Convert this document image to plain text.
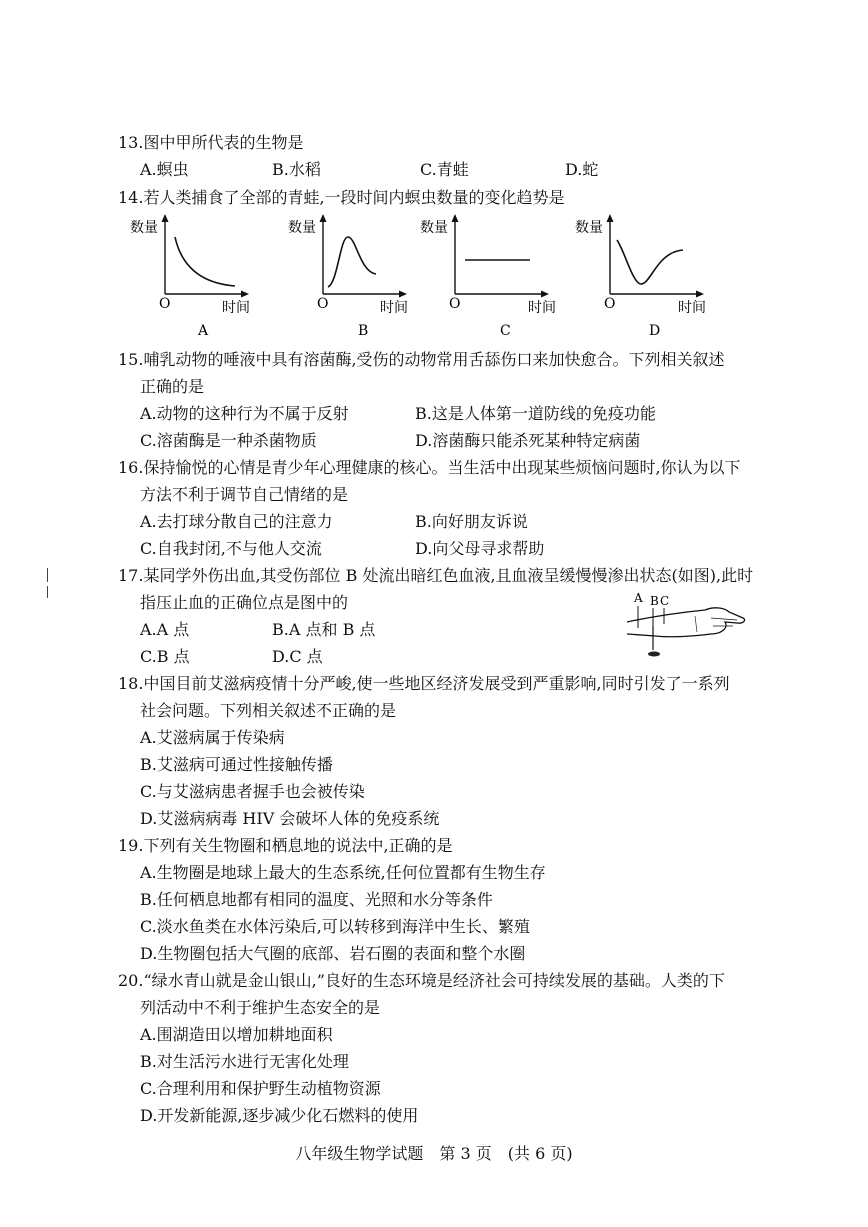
13.图中甲所代表的生物是
A.螟虫	B.水稻	C.青蛙	D.蛇
14.若人类捕食了全部的青蛙,一段时间内螟虫数量的变化趋势是
数量
O	时间
A
数量
O	时间
B
数量
O	时间
C
数量
O	时间
D
15.哺乳动物的唾液中具有溶菌酶,受伤的动物常用舌舔伤口来加快愈合。下列相关叙述
正确的是
A.动物的这种行为不属于反射	B.这是人体第一道防线的免疫功能
C.溶菌酶是一种杀菌物质	D.溶菌酶只能杀死某种特定病菌
16.保持愉悦的心情是青少年心理健康的核心。当生活中出现某些烦恼问题时,你认为以下
方法不利于调节自己情绪的是
A.去打球分散自己的注意力	B.向好朋友诉说
C.自我封闭,不与他人交流	D.向父母寻求帮助
17.某同学外伤出血,其受伤部位 B 处流出暗红色血液,且血液呈缓慢慢渗出状态(如图),此时
指压止血的正确位点是图中的
A.A 点	B.A 点和 B 点
C.B 点	D.C 点
A B C
18.中国目前艾滋病疫情十分严峻,使一些地区经济发展受到严重影响,同时引发了一系列
社会问题。下列相关叙述不正确的是
A.艾滋病属于传染病
B.艾滋病可通过性接触传播
C.与艾滋病患者握手也会被传染
D.艾滋病病毒 HIV 会破坏人体的免疫系统
19.下列有关生物圈和栖息地的说法中,正确的是
A.生物圈是地球上最大的生态系统,任何位置都有生物生存
B.任何栖息地都有相同的温度、光照和水分等条件
C.淡水鱼类在水体污染后,可以转移到海洋中生长、繁殖
D.生物圈包括大气圈的底部、岩石圈的表面和整个水圈
20.“绿水青山就是金山银山,”良好的生态环境是经济社会可持续发展的基础。人类的下
列活动中不利于维护生态安全的是
A.围湖造田以增加耕地面积
B.对生活污水进行无害化处理
C.合理利用和保护野生动植物资源
D.开发新能源,逐步减少化石燃料的使用
八年级生物学试题　第 3 页　(共 6 页)
